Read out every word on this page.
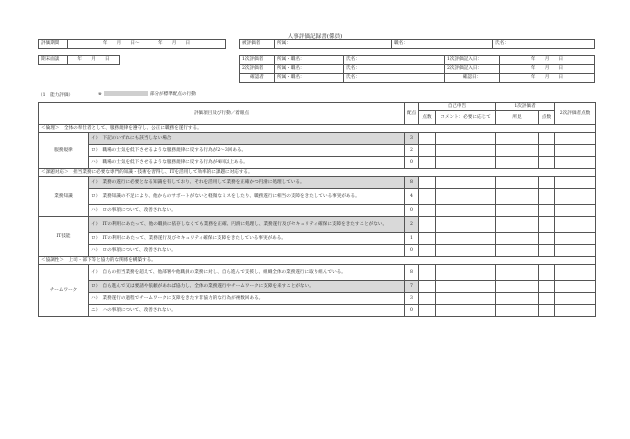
人事評価記録書(係員)
評価期間	年　　月　　日～　　　　年　　月　　日
期末面談	年　　月　　日
被評価者	所属：	職名：	氏名：
1次評価者	所属・職名：	氏名：	1次評価記入日：	年　　月　　日
2次評価者	所属・職名：	氏名：	2次評価記入日：	年　　月　　日
確認者	所属・職名：	氏名：	確認日：	年　　月　　日
（1　能力評価）	※	部分が標準配点の行動
評価項目及び行動／着眼点		配点	自己申告		1次評価者		2次評価者点数
			点数	コメント：必要に応じて	所見	点数	
＜倫理＞　全体の奉仕者として、服務規律を遵守し、公正に職務を遂行する。							
服務規律	イ）　下記のいずれにも該当しない場合	3					
	ロ）　職場の士気を低下させるような服務規律に反する行為が2～3回ある。	2					
	ハ）　職場の士気を低下させるような服務規律に反する行為が4回以上ある。	0					
＜課題対応＞　担当業務に必要な専門的知識・技術を習得し、ITを活用して効率的に課題に対応する。							
業務知識	イ）　業務の遂行に必要となる知識を有しており、それを活用して業務を正確かつ円滑に処理している。	8					
	ロ）　業務知識の不足により、他からのサポートがないと軽微なミスをしたり、職務遂行に相当の支障をきたしている事実がある。	4					
	ハ）　ロの事項について、改善されない。	0					
IT技能	イ）　ITの利用にあたって、他の職員に依存しなくても業務を正確、円滑に処理し、業務遂行及びセキュリティ確保に支障をきたすことがない。	2					
	ロ）　ITの利用にあたって、業務遂行及びセキュリティ確保に支障をきたしている事実がある。	1					
	ハ）　ロの事項について、改善されない。	0					
＜協調性＞　上司・部下等と協力的な関係を構築する。							
チームワーク	イ）　自らの担当業務を超えて、他部署や他職員の業務に対し、自ら進んで支援し、組織全体の業務遂行に取り組んでいる。	8					
	ロ）　自ら進んで又は要請や依頼があれば協力し、全体の業務遂行やチームワークに支障を来すことがない。	7					
	ハ）　業務遂行の過程でチームワークに支障をきたす非協力的な行為が複数回ある。	3					
	ニ）　ハの事項について、改善されない。	0					
